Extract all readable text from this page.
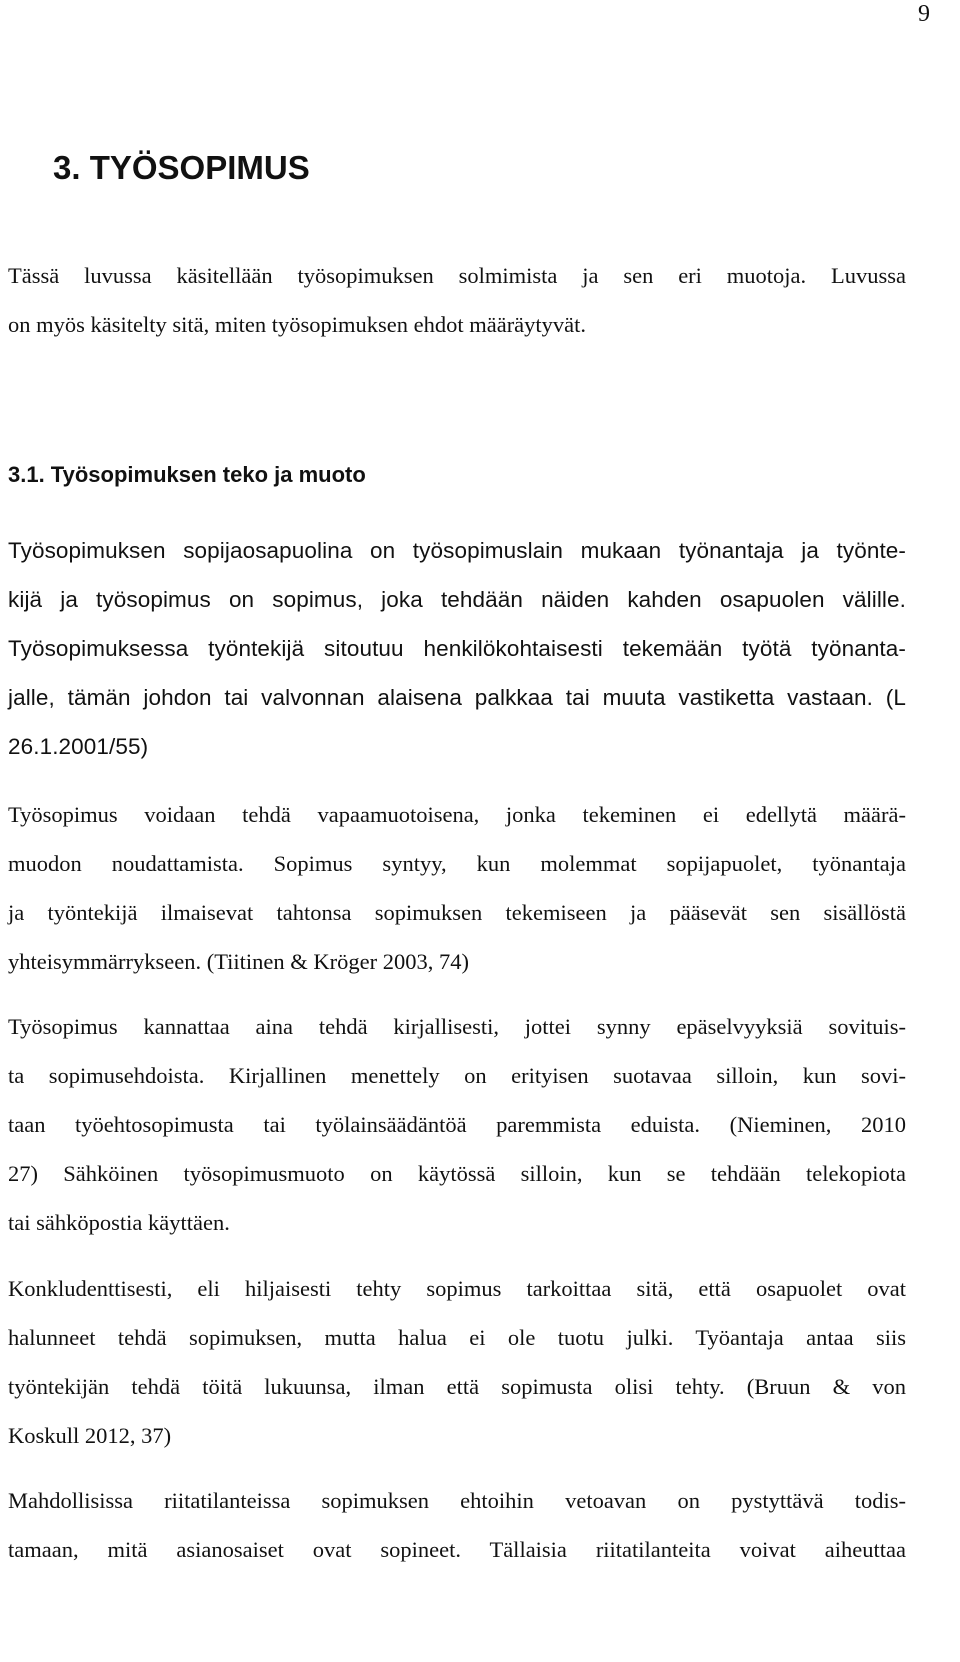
9
3. TYÖSOPIMUS
Tässä luvussa käsitellään työsopimuksen solmimista ja sen eri muotoja. Luvussa
on myös käsitelty sitä, miten työsopimuksen ehdot määräytyvät.
3.1. Työsopimuksen teko ja muoto
Työsopimuksen sopijaosapuolina on työsopimuslain mukaan työnantaja ja työnte-
kijä ja työsopimus on sopimus, joka tehdään näiden kahden osapuolen välille.
Työsopimuksessa työntekijä sitoutuu henkilökohtaisesti tekemään työtä työnanta-
jalle, tämän johdon tai valvonnan alaisena palkkaa tai muuta vastiketta vastaan. (L
26.1.2001/55)
Työsopimus voidaan tehdä vapaamuotoisena, jonka tekeminen ei edellytä määrä-
muodon noudattamista. Sopimus syntyy, kun molemmat sopijapuolet, työnantaja
ja työntekijä ilmaisevat tahtonsa sopimuksen tekemiseen ja pääsevät sen sisällöstä
yhteisymmärrykseen. (Tiitinen & Kröger 2003, 74)
Työsopimus kannattaa aina tehdä kirjallisesti, jottei synny epäselvyyksiä sovituis-
ta sopimusehdoista. Kirjallinen menettely on erityisen suotavaa silloin, kun sovi-
taan työehtosopimusta tai työlainsäädäntöä paremmista eduista. (Nieminen, 2010
27) Sähköinen työsopimusmuoto on käytössä silloin, kun se tehdään telekopiota
tai sähköpostia käyttäen.
Konkludenttisesti, eli hiljaisesti tehty sopimus tarkoittaa sitä, että osapuolet ovat
halunneet tehdä sopimuksen, mutta halua ei ole tuotu julki. Työantaja antaa siis
työntekijän tehdä töitä lukuunsa, ilman että sopimusta olisi tehty. (Bruun & von
Koskull 2012, 37)
Mahdollisissa riitatilanteissa sopimuksen ehtoihin vetoavan on pystyttävä todis-
tamaan, mitä asianosaiset ovat sopineet. Tällaisia riitatilanteita voivat aiheuttaa
